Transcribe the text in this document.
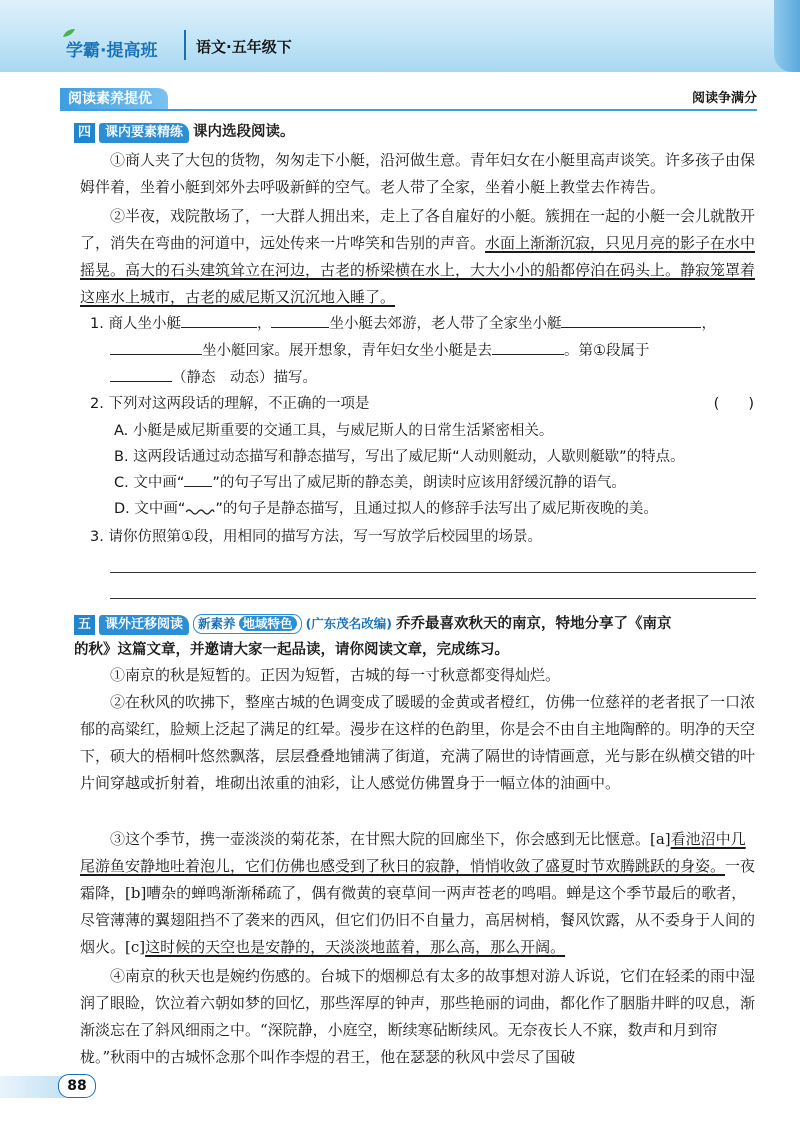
学霸·提高班	语文·五年级下
阅读素养提优	阅读争满分
四 课内要素精练 课内选段阅读。

①商人夹了大包的货物，匆匆走下小艇，沿河做生意。青年妇女在小艇里高声谈笑。许多孩子由保姆伴着，坐着小艇到郊外去呼吸新鲜的空气。老人带了全家，坐着小艇上教堂去作祷告。

②半夜，戏院散场了，一大群人拥出来，走上了各自雇好的小艇。簇拥在一起的小艇一会儿就散开了，消失在弯曲的河道中，远处传来一片哗笑和告别的声音。水面上渐渐沉寂，只见月亮的影子在水中摇晃。高大的石头建筑耸立在河边，古老的桥梁横在水上，大大小小的船都停泊在码头上。静寂笼罩着这座水上城市，古老的威尼斯又沉沉地入睡了。

1. 商人坐小艇	，	坐小艇去郊游，老人带了全家坐小艇	，
坐小艇回家。展开想象，青年妇女坐小艇是去	。第①段属于
（静态　动态）描写。
2. 下列对这两段话的理解，不正确的一项是	(　　)
A. 小艇是威尼斯重要的交通工具，与威尼斯人的日常生活紧密相关。
B. 这两段话通过动态描写和静态描写，写出了威尼斯“人动则艇动，人歇则艇歇”的特点。
C. 文中画“ ”的句子写出了威尼斯的静态美，朗读时应该用舒缓沉静的语气。
D. 文中画“ ”的句子是静态描写，且通过拟人的修辞手法写出了威尼斯夜晚的美。
3. 请你仿照第①段，用相同的描写方法，写一写放学后校园里的场景。
五 课外迁移阅读 新素养 地域特色 (广东茂名改编) 乔乔最喜欢秋天的南京，特地分享了《南京
的秋》这篇文章，并邀请大家一起品读，请你阅读文章，完成练习。

①南京的秋是短暂的。正因为短暂，古城的每一寸秋意都变得灿烂。

②在秋风的吹拂下，整座古城的色调变成了暖暖的金黄或者橙红，仿佛一位慈祥的老者抿了一口浓郁的高粱红，脸颊上泛起了满足的红晕。漫步在这样的色韵里，你是会不由自主地陶醉的。明净的天空下，硕大的梧桐叶悠然飘落，层层叠叠地铺满了街道，充满了隔世的诗情画意，光与影在纵横交错的叶片间穿越或折射着，堆砌出浓重的油彩，让人感觉仿佛置身于一幅立体的油画中。

③这个季节，携一壶淡淡的菊花茶，在甘熙大院的回廊坐下，你会感到无比惬意。[a]看池沼中几尾游鱼安静地吐着泡儿，它们仿佛也感受到了秋日的寂静，悄悄收敛了盛夏时节欢腾跳跃的身姿。一夜霜降，[b]嘈杂的蝉鸣渐渐稀疏了，偶有微黄的衰草间一两声苍老的鸣唱。蝉是这个季节最后的歌者，尽管薄薄的翼翅阻挡不了袭来的西风，但它们仍旧不自量力，高居树梢，餐风饮露，从不委身于人间的烟火。[c]这时候的天空也是安静的，天淡淡地蓝着，那么高，那么开阔。

④南京的秋天也是婉约伤感的。台城下的烟柳总有太多的故事想对游人诉说，它们在轻柔的雨中湿润了眼睑，饮泣着六朝如梦的回忆，那些浑厚的钟声，那些艳丽的词曲，都化作了胭脂井畔的叹息，渐渐淡忘在了斜风细雨之中。“深院静，小庭空，断续寒砧断续风。无奈夜长人不寐，数声和月到帘栊。”秋雨中的古城怀念那个叫作李煜的君王，他在瑟瑟的秋风中尝尽了国破

88
